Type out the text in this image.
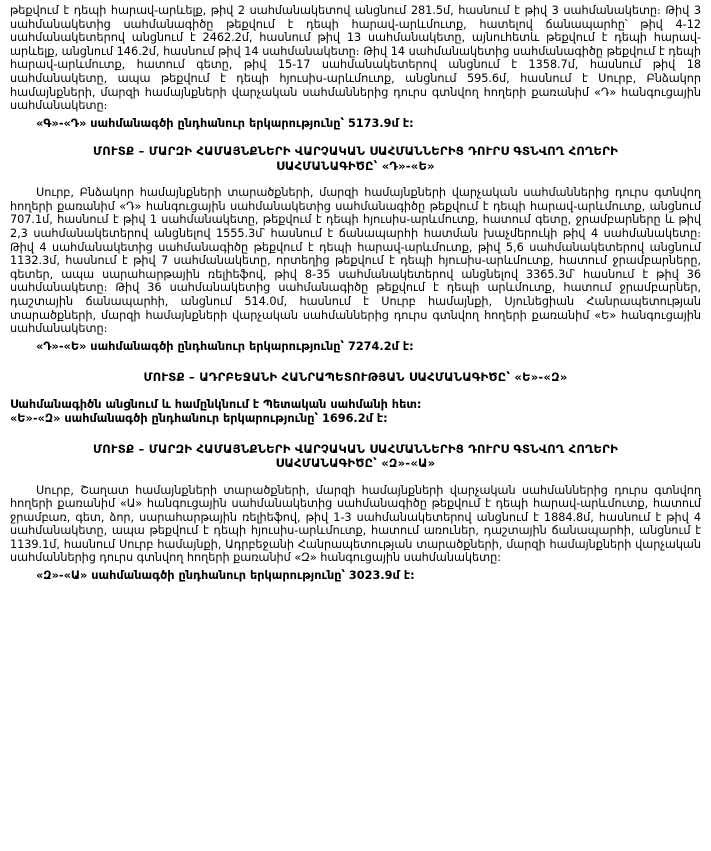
թեքվում է դեպի հարավ-արևելք, թիվ 2 սահմանակետով անցնում 281.5մ, հասնում է թիվ 3 սահմանակետը։ Թիվ 3 սահմանակետից սահմանագիծը թեքվում է դեպի հարավ-արևմուտք, հատելով ճանապարհը՝ թիվ 4-12 սահմանակետերով անցնում է 2462.2մ, հասնում թիվ 13 սահմանակետը, այնուհետև թեքվում է դեպի հարավ-արևելք, անցնում 146.2մ, հասնում թիվ 14 սահմանակետը։ Թիվ 14 սահմանակետից սահմանագիծը թեքվում է դեպի հարավ-արևմուտք, հատում գետը, թիվ 15-17 սահմանակետերով անցնում է 1358.7մ, հասնում թիվ 18 սահմանակետը, ապա թեքվում է դեպի հյուսիս-արևմուտք, անցնում 595.6մ, հասնում է Սուրբ, Բնձակոր համայնքների, մարզի համայնքների վարչական սահմաններից դուրս գտնվող հողերի քառանիմ «Դ» հանգուցային սահմանակետը։

«Գ»-«Դ» սահմանագծի ընդհանուր երկարությունը՝ 5173.9մ է:

ՄՈՒՏՔ – ՄԱՐԶԻ ՀԱՄԱՅՆՔՆԵՐԻ ՎԱՐՉԱԿԱՆ ՍԱՀՄԱՆՆԵՐԻՑ ԴՈՒՐՍ ԳՏՆՎՈՂ ՀՈՂԵՐԻ
ՍԱՀՄԱՆԱԳԻԾԸ՝ «Դ»-«Ե»

Սուրբ, Բնձակոր համայնքների տարածքների, մարզի համայնքների վարչական սահմաններից դուրս գտնվող հողերի քառանիմ «Դ» հանգուցային սահմանակետից սահմանագիծը թեքվում է դեպի հարավ-արևմուտք, անցնում 707.1մ, հասնում է թիվ 1 սահմանակետը, թեքվում է դեպի հյուսիս-արևմուտք, հատում գետը, ջրամբարները և թիվ 2,3 սահմանակետերով անցնելով 1555.3մ՝ հասնում է ճանապարհի հատման խաչմերուկի թիվ 4 սահմանակետը։ Թիվ 4 սահմանակետից սահմանագիծը թեքվում է դեպի հարավ-արևմուտք, թիվ 5,6 սահմանակետերով անցնում 1132.3մ, հասնում է թիվ 7 սահմանակետը, որտեղից թեքվում է դեպի հյուսիս-արևմուտք, հատում ջրամբարները, գետեր, ապա սարահարթային ռելիեֆով, թիվ 8-35 սահմանակետերով անցնելով 3365.3մ՝ հասնում է թիվ 36 սահմանակետը։ Թիվ 36 սահմանակետից սահմանագիծը թեքվում է դեպի արևմուտք, հատում ջրամբարներ, դաշտային ճանապարհի, անցնում 514.0մ, հասնում է Սուրբ համայնքի, Սյունեցիան Հանրապետության տարածքների, մարզի համայնքների վարչական սահմաններից դուրս գտնվող հողերի քառանիմ «Ե» հանգուցային սահմանակետը։

«Դ»-«Ե» սահմանագծի ընդհանուր երկարությունը՝ 7274.2մ է:

ՄՈՒՏՔ – ԱԴՐԲԵՋԱՆԻ ՀԱՆՐԱՊԵՏՈՒԹՅԱՆ ՍԱՀՄԱՆԱԳԻԾԸ՝ «Ե»-«Զ»

Սահմանագիծն անցնում և համընկնում է Պետական սահմանի հետ:

«Ե»-«Զ» սահմանագծի ընդհանուր երկարությունը՝ 1696.2մ է:

ՄՈՒՏՔ – ՄԱՐԶԻ ՀԱՄԱՅՆՔՆԵՐԻ ՎԱՐՉԱԿԱՆ ՍԱՀՄԱՆՆԵՐԻՑ ԴՈՒՐՍ ԳՏՆՎՈՂ ՀՈՂԵՐԻ
ՍԱՀՄԱՆԱԳԻԾԸ՝ «Զ»-«Ա»

Սուրբ, Շաղատ համայնքների տարածքների, մարզի համայնքների վարչական սահմաններից դուրս գտնվող հողերի քառանիմ «Ա» հանգուցային սահմանակետից սահմանագիծը թեքվում է դեպի հարավ-արևմուտք, հատում ջրամբառ, գետ, ձոր, սարահարթային ռելիեֆով, թիվ 1-3 սահմանակետերով անցնում է 1884.8մ, հասնում է թիվ 4 սահմանակետը, ապա թեքվում է դեպի հյուսիս-արևմուտք, հատում առուներ, դաշտային ճանապարհի, անցնում է 1139.1մ, հասնում Սուրբ համայնքի, Ադրբեջանի Հանրապետության տարածքների, մարզի համայնքների վարչական սահմաններից դուրս գտնվող հողերի քառանիմ «Զ» հանգուցային սահմանակետը:

«Զ»-«Ա» սահմանագծի ընդհանուր երկարությունը՝ 3023.9մ է:
